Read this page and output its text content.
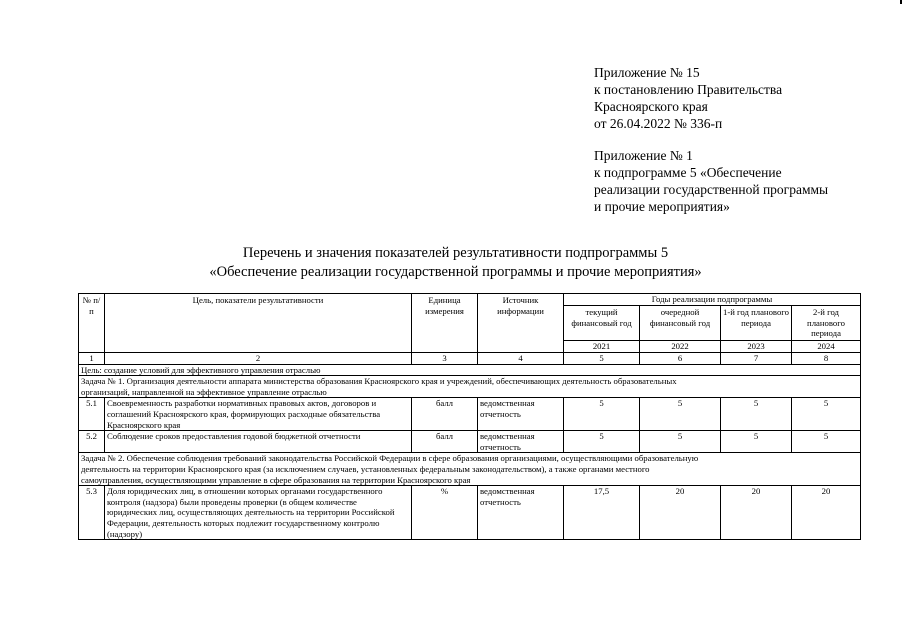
Приложение № 15
к постановлению Правительства
Красноярского края
от 26.04.2022 № 336-п
Приложение № 1
к подпрограмме 5 «Обеспечение
реализации государственной программы
и прочие мероприятия»
Перечень и значения показателей результативности подпрограммы 5
«Обеспечение реализации государственной программы и прочие мероприятия»
№ п/п	Цель, показатели результативности	Единица измерения	Источник информации	Годы реализации подпрограммы			
				текущий финансовый год	очередной финансовый год	1-й год планового периода	2-й год планового периода
				2021	2022	2023	2024
1	2	3	4	5	6	7	8
Цель: создание условий для эффективного управления отраслью							

Задача № 1. Организация деятельности аппарата министерства образования Красноярского края и учреждений, обеспечивающих деятельность образовательных
организаций, направленной на эффективное управление отраслью							

5.1	Своевременность разработки нормативных правовых актов, договоров и соглашений Красноярского края, формирующих расходные обязательства Красноярского края	балл	ведомственная отчетность	5	5	5	5
5.2	Соблюдение сроков предоставления годовой бюджетной отчетности	балл	ведомственная отчетность	5	5	5	5

Задача № 2. Обеспечение соблюдения требований законодательства Российской Федерации в сфере образования организациями, осуществляющими образовательную
деятельность на территории Красноярского края (за исключением случаев, установленных федеральным законодательством), а также органами местного
самоуправления, осуществляющими управление в сфере образования на территории Красноярского края							

5.3	Доля юридических лиц, в отношении которых органами государственного контроля (надзора) были проведены проверки (в общем количестве юридических лиц, осуществляющих деятельность на территории Российской Федерации, деятельность которых подлежит государственному контролю (надзору)	%	ведомственная отчетность	17,5	20	20	20
